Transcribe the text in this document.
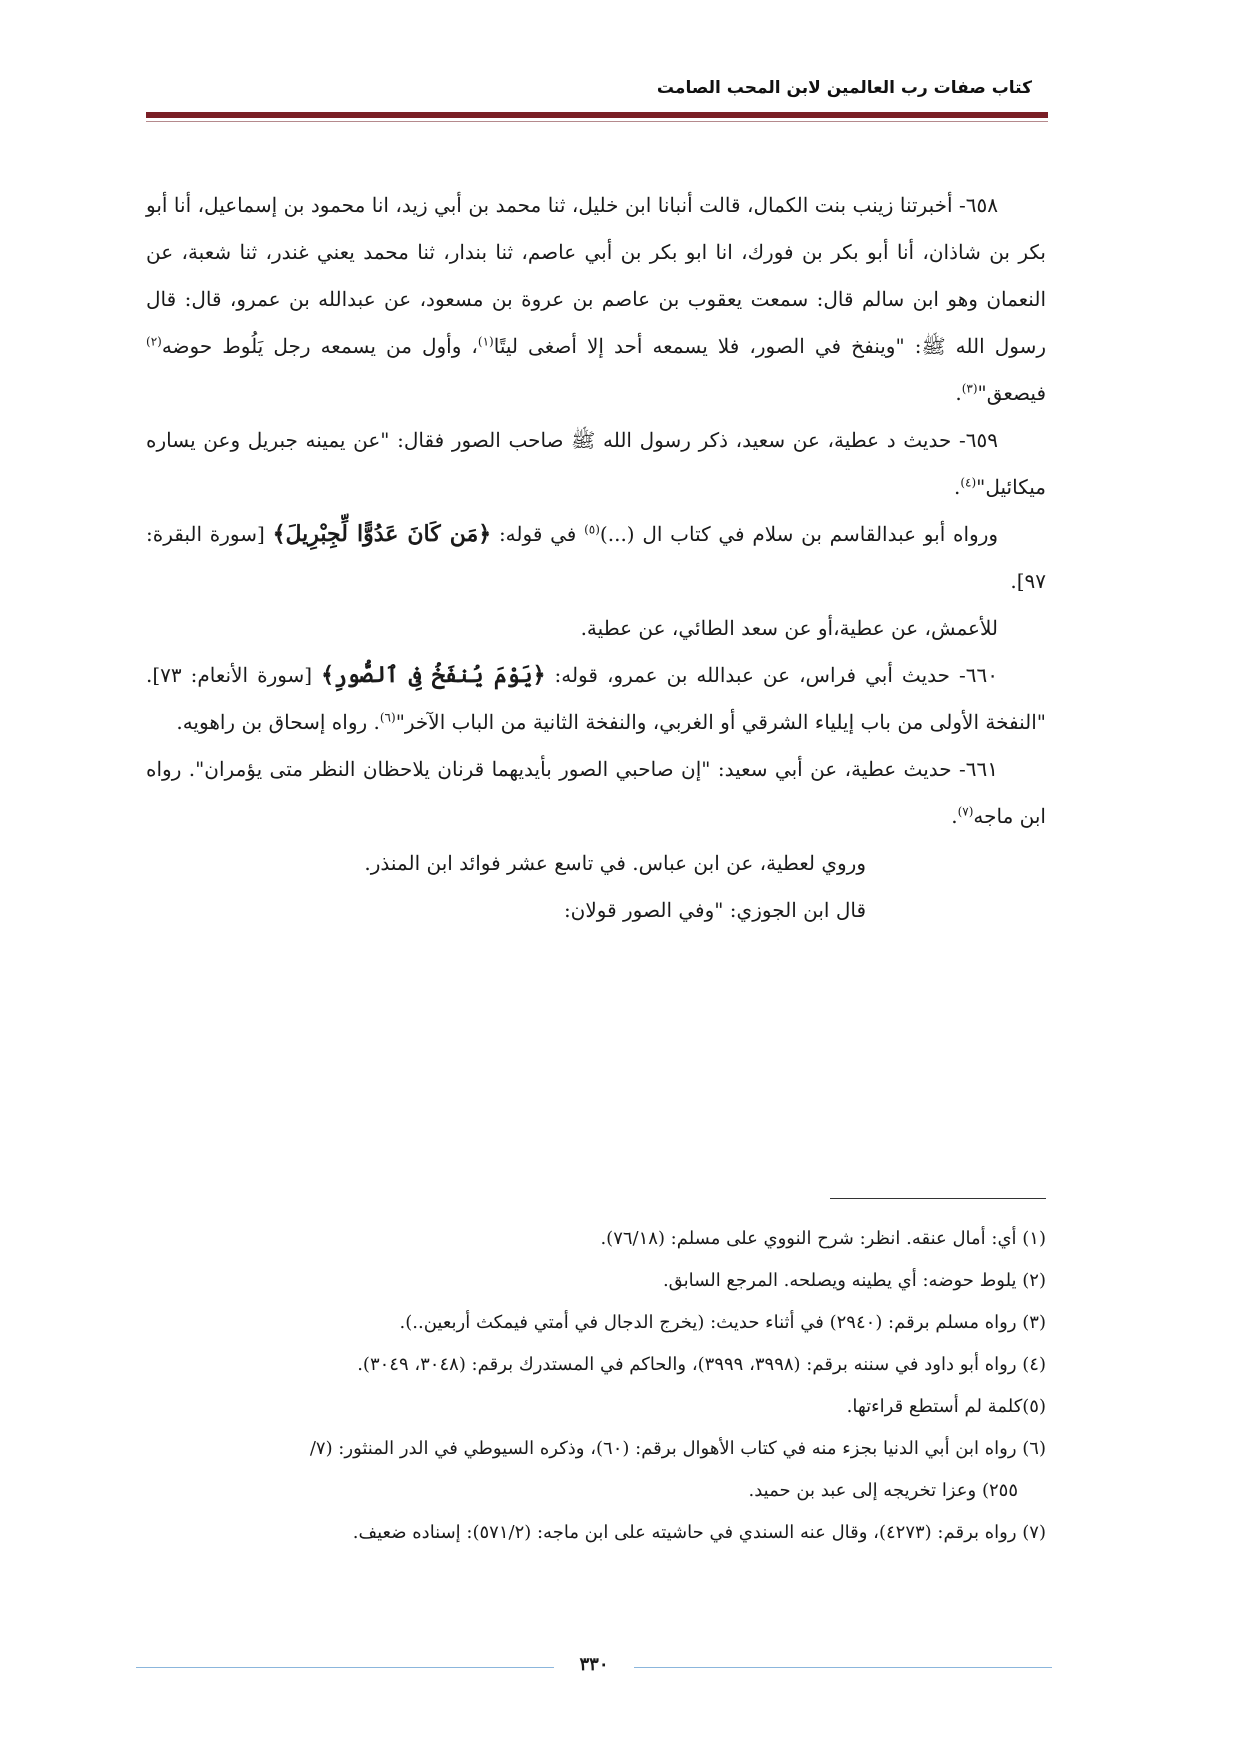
كتاب صفات رب العالمين لابن المحب الصامت

٦٥٨- أخبرتنا زينب بنت الكمال، قالت أنبانا ابن خليل، ثنا محمد بن أبي زيد، انا محمود بن إسماعيل، أنا أبو بكر بن شاذان، أنا أبو بكر بن فورك، انا ابو بكر بن أبي عاصم، ثنا بندار، ثنا محمد يعني غندر، ثنا شعبة، عن النعمان وهو ابن سالم قال: سمعت يعقوب بن عاصم بن عروة بن مسعود، عن عبدالله بن عمرو، قال: قال رسول الله ﷺ: "وينفخ في الصور، فلا يسمعه أحد إلا أصغى ليتًا$^{(١)}$، وأول من يسمعه رجل يَلُوط حوضه$^{(٢)}$ فيصعق"$^{(٣)}$.

٦٥٩- حديث د عطية، عن سعيد، ذكر رسول الله ﷺ صاحب الصور فقال: "عن يمينه جبريل وعن يساره ميكائيل"$^{(٤)}$.

ورواه أبو عبدالقاسم بن سلام في كتاب ال (...)$^{(٥)}$ في قوله: ﴿مَن كَانَ عَدُوًّا لِّجِبْرِيلَ﴾ [سورة البقرة: ٩٧].

للأعمش، عن عطية،أو عن سعد الطائي، عن عطية.

٦٦٠- حديث أبي فراس، عن عبدالله بن عمرو، قوله: ﴿يَوْمَ يُنفَخُ فِى ٱلصُّورِ﴾ [سورة الأنعام: ٧٣]. "النفخة الأولى من باب إيلياء الشرقي أو الغربي، والنفخة الثانية من الباب الآخر"$^{(٦)}$. رواه إسحاق بن راهويه.

٦٦١- حديث عطية، عن أبي سعيد: "إن صاحبي الصور بأيديهما قرنان يلاحظان النظر متى يؤمران". رواه ابن ماجه$^{(٧)}$.

وروي لعطية، عن ابن عباس. في تاسع عشر فوائد ابن المنذر.

قال ابن الجوزي: "وفي الصور قولان:

(١) أي: أمال عنقه. انظر: شرح النووي على مسلم: (٧٦/١٨).

(٢) يلوط حوضه: أي يطينه ويصلحه. المرجع السابق.

(٣) رواه مسلم برقم: (٢٩٤٠) في أثناء حديث: (يخرج الدجال في أمتي فيمكث أربعين..).

(٤) رواه أبو داود في سننه برقم: (٣٩٩٨، ٣٩٩٩)، والحاكم في المستدرك برقم: (٣٠٤٨، ٣٠٤٩).

(٥)كلمة لم أستطع قراءتها.

(٦) رواه ابن أبي الدنيا بجزء منه في كتاب الأهوال برقم: (٦٠)، وذكره السيوطي في الدر المنثور: (٧/

٢٥٥) وعزا تخريجه إلى عبد بن حميد.

(٧) رواه برقم: (٤٢٧٣)، وقال عنه السندي في حاشيته على ابن ماجه: (٥٧١/٢): إسناده ضعيف.

٣٣٠
